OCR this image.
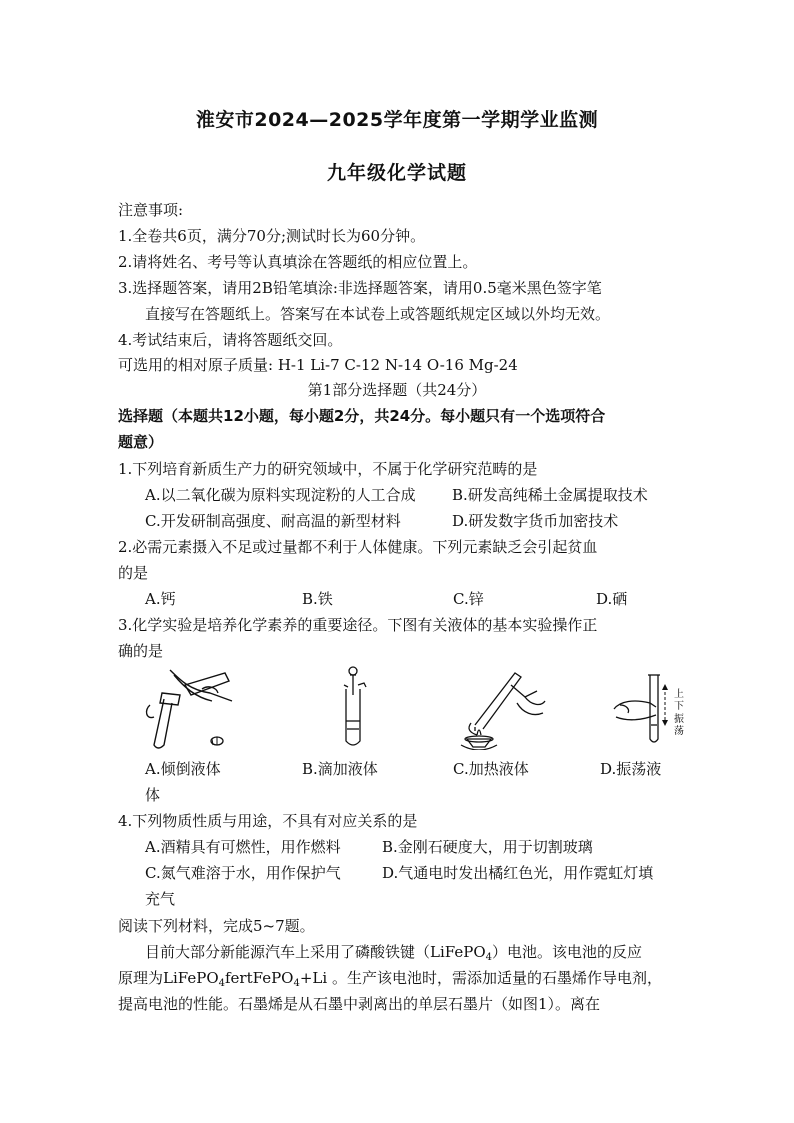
淮安市2024—2025学年度第一学期学业监测
九年级化学试题
注意事项:
1.全卷共6页，满分70分;测试时长为60分钟。
2.请将姓名、考号等认真填涂在答题纸的相应位置上。
3.选择题答案，请用2B铅笔填涂:非选择题答案，请用0.5毫米黑色签字笔
直接写在答题纸上。答案写在本试卷上或答题纸规定区域以外均无效。
4.考试结束后，请将答题纸交回。
可选用的相对原子质量: H-1 Li-7 C-12 N-14 O-16 Mg-24
第1部分选择题（共24分）
选择题（本题共12小题，每小题2分，共24分。每小题只有一个选项符合
题意）
1.下列培育新质生产力的研究领域中，不属于化学研究范畴的是
A.以二氧化碳为原料实现淀粉的人工合成 B.研发高纯稀土金属提取技术
C.开发研制高强度、耐高温的新型材料	D.研发数字货币加密技术
2.必需元素摄入不足或过量都不利于人体健康。下列元素缺乏会引起贫血
的是
A.钙	B.铁	C.锌	D.硒
3.化学实验是培养化学素养的重要途径。下图有关液体的基本实验操作正
确的是
上
下
振
荡
A.倾倒液体	B.滴加液体	C.加热液体	D.振荡液
体
4.下列物质性质与用途，不具有对应关系的是
A.酒精具有可燃性，用作燃料	B.金刚石硬度大，用于切割玻璃
C.氮气难溶于水，用作保护气	D.气通电时发出橘红色光，用作霓虹灯填
充气
阅读下列材料，完成5~7题。
目前大部分新能源汽车上采用了磷酸铁键（LiFePO$_4$）电池。该电池的反应
原理为LiFePO$_4$fertFePO$_4$+Li 。生产该电池时，需添加适量的石墨烯作导电剂，
提高电池的性能。石墨烯是从石墨中剥离出的单层石墨片（如图1）。离在
